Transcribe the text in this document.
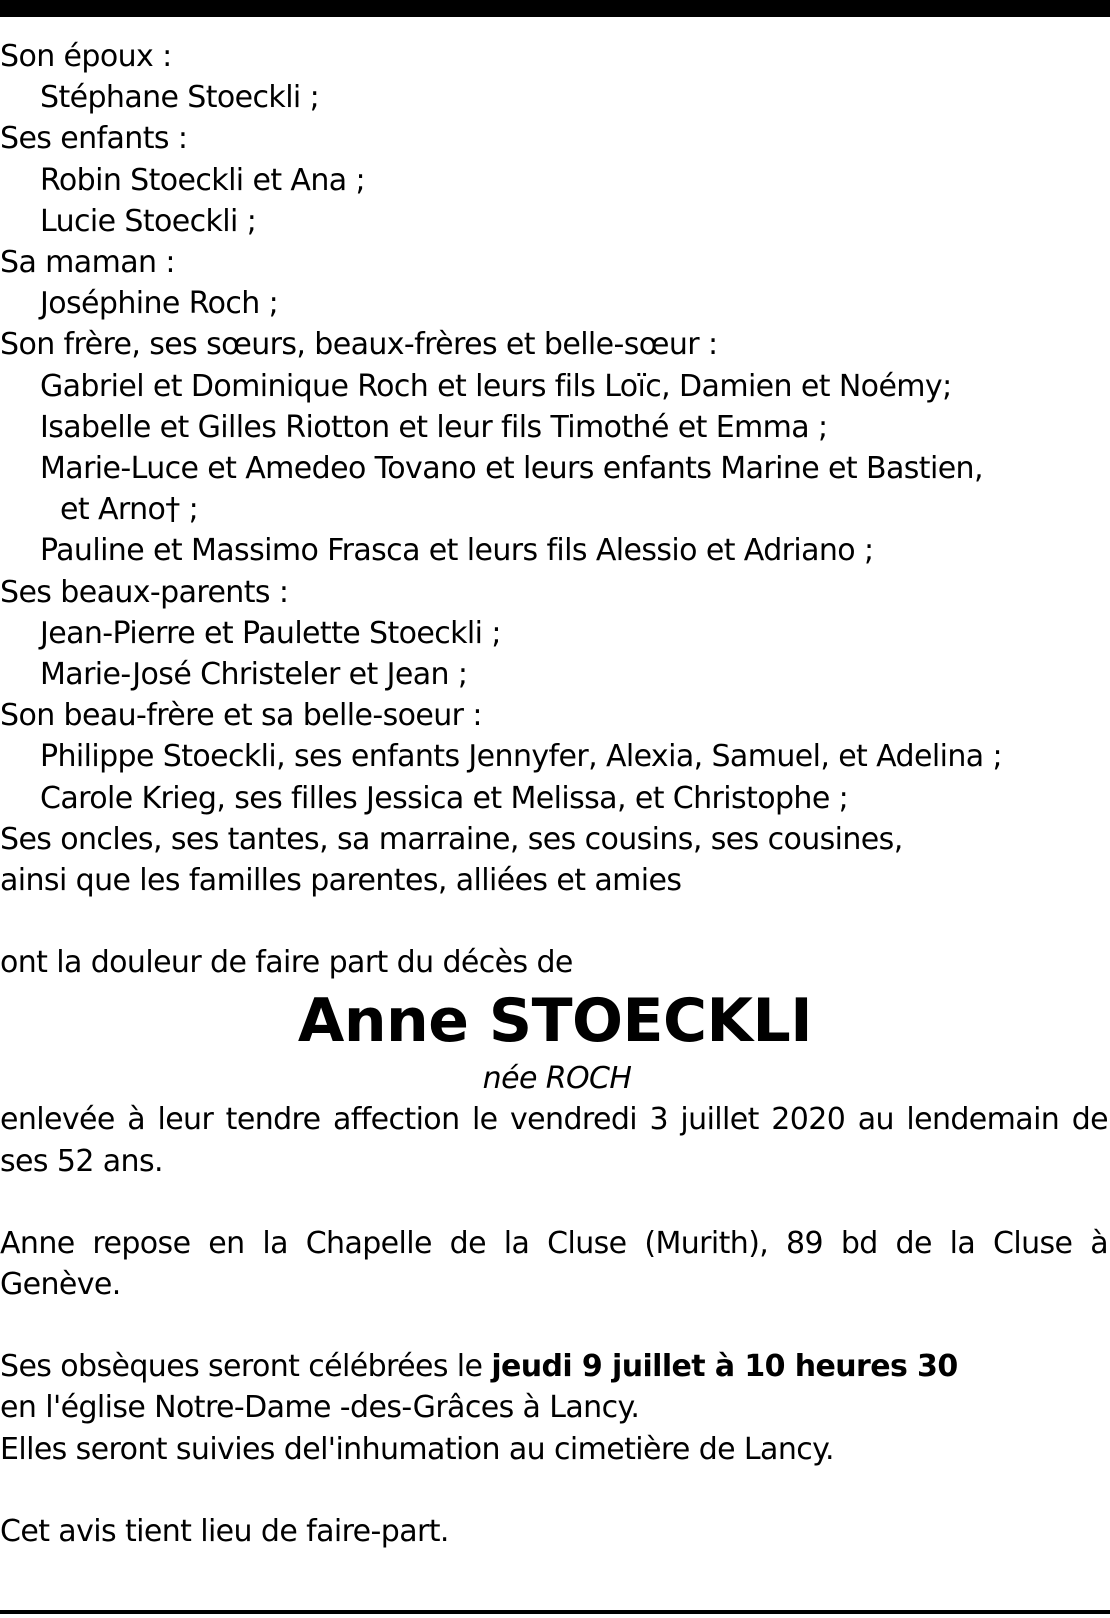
Son époux :
Stéphane Stoeckli ;
Ses enfants :
Robin Stoeckli et Ana ;
Lucie Stoeckli ;
Sa maman :
Joséphine Roch ;
Son frère, ses sœurs, beaux-frères et belle-sœur :
Gabriel et Dominique Roch et leurs fils Loïc, Damien et Noémy;
Isabelle et Gilles Riotton et leur fils Timothé et Emma ;
Marie-Luce et Amedeo Tovano et leurs enfants Marine et Bastien,
et Arno† ;
Pauline et Massimo Frasca et leurs fils Alessio et Adriano ;
Ses beaux-parents :
Jean-Pierre et Paulette Stoeckli ;
Marie-José Christeler et Jean ;
Son beau-frère et sa belle-soeur :
Philippe Stoeckli, ses enfants Jennyfer, Alexia, Samuel, et Adelina ;
Carole Krieg, ses filles Jessica et Melissa, et Christophe ;
Ses oncles, ses tantes, sa marraine, ses cousins, ses cousines,
ainsi que les familles parentes, alliées et amies
ont la douleur de faire part du décès de
Anne STOECKLI
née ROCH
enlevée à leur tendre affection le vendredi 3 juillet 2020 au lendemain de
ses 52 ans.
Anne repose en la Chapelle de la Cluse (Murith), 89 bd de la Cluse à
Genève.
Ses obsèques seront célébrées le jeudi 9 juillet à 10 heures 30
en l'église Notre-Dame -des-Grâces à Lancy.
Elles seront suivies del'inhumation au cimetière de Lancy.
Cet avis tient lieu de faire-part.
